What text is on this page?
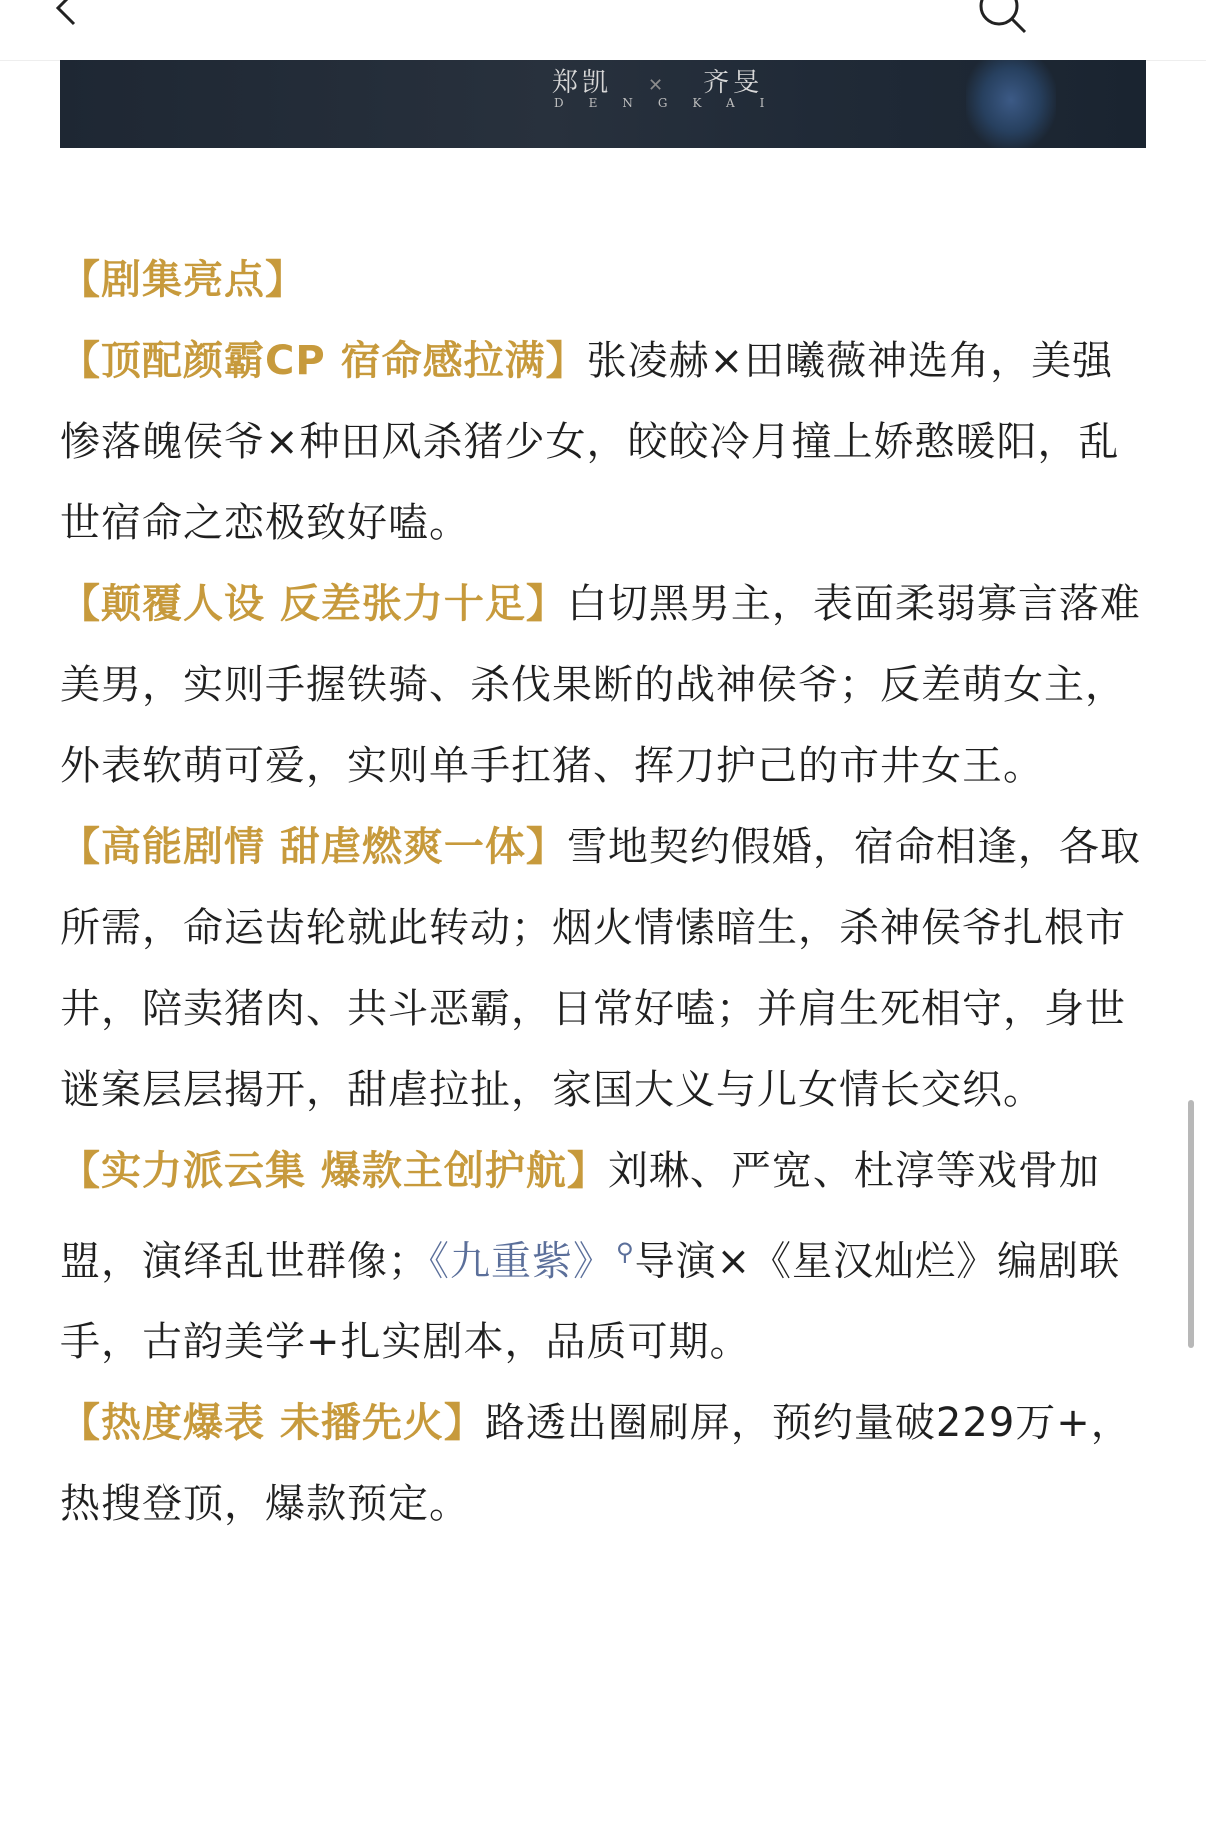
郑凯 ✕ 齐旻
DENGKAI

【剧集亮点】

【顶配颜霸CP 宿命感拉满】张凌赫×田曦薇神选角，美强惨落魄侯爷×种田风杀猪少女，皎皎冷月撞上娇憨暖阳，乱世宿命之恋极致好嗑。

【颠覆人设 反差张力十足】白切黑男主，表面柔弱寡言落难美男，实则手握铁骑、杀伐果断的战神侯爷；反差萌女主，外表软萌可爱，实则单手扛猪、挥刀护己的市井女王。

【高能剧情 甜虐燃爽一体】雪地契约假婚，宿命相逢，各取所需，命运齿轮就此转动；烟火情愫暗生，杀神侯爷扎根市井，陪卖猪肉、共斗恶霸，日常好嗑；并肩生死相守，身世谜案层层揭开，甜虐拉扯，家国大义与儿女情长交织。

【实力派云集 爆款主创护航】刘琳、严宽、杜淳等戏骨加盟，演绎乱世群像；《九重紫》⚲导演×《星汉灿烂》编剧联手，古韵美学+扎实剧本，品质可期。

【热度爆表 未播先火】路透出圈刷屏，预约量破229万+，热搜登顶，爆款预定。
